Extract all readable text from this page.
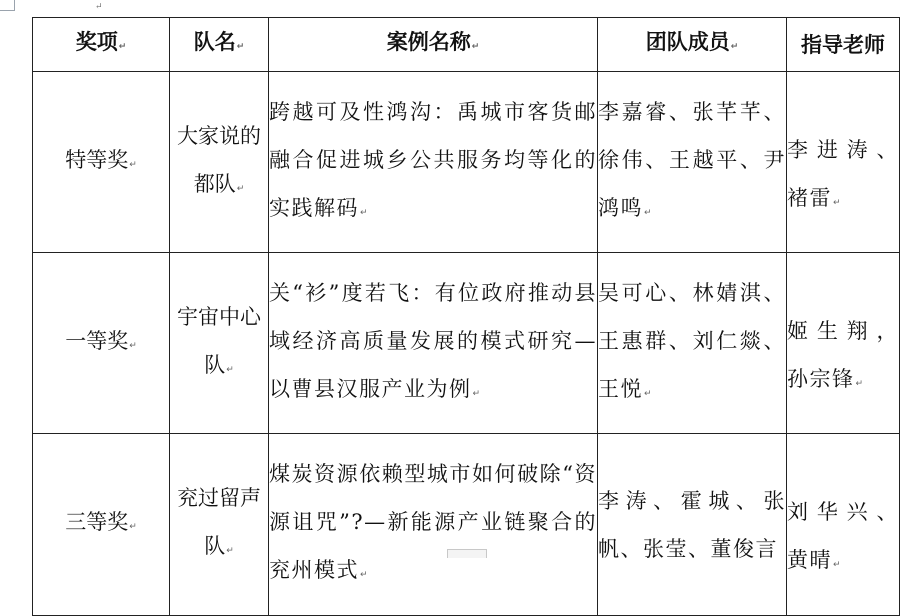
↵
奖项↵	队名↵	案例名称↵	团队成员↵	指导老师
特等奖↵	大家说的都队↵	跨越可及性鸿沟：禹城市客货邮融合促进城乡公共服务均等化的实践解码↵	李嘉睿、张芊芊、徐伟、王越平、尹鸿鸣↵	李进涛、褚雷↵
一等奖↵	宇宙中心队↵	关“衫”度若飞：有位政府推动县域经济高质量发展的模式研究—以曹县汉服产业为例↵	吴可心、林婧淇、王惠群、刘仁燚、王悦↵	姬生翔，孙宗锋↵
三等奖↵	兖过留声队↵	煤炭资源依赖型城市如何破除“资源诅咒”?—新能源产业链聚合的兖州模式↵	李涛、霍城、张帆、张莹、董俊言	刘华兴、黄晴↵
